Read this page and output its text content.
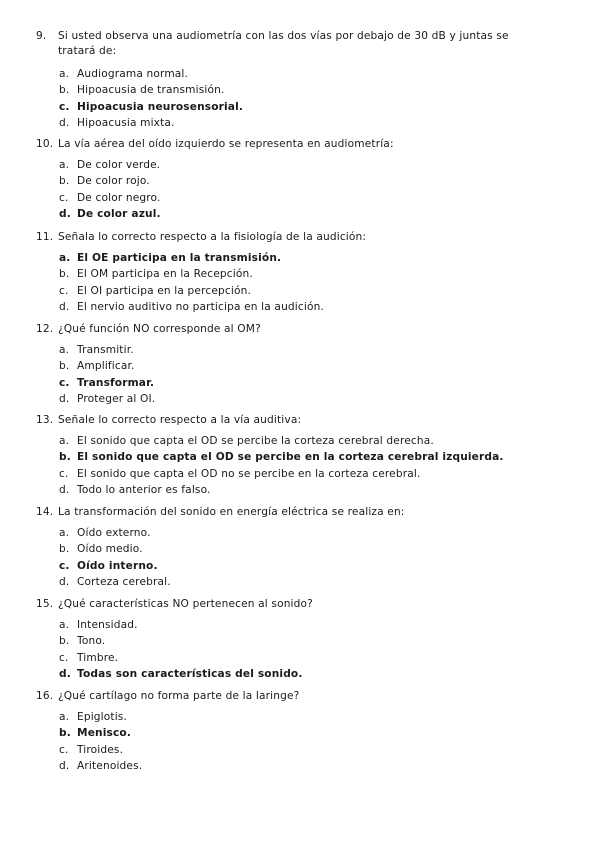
9.	Si usted observa una audiometría con las dos vías por debajo de 30 dB y juntas se tratará de:
a. Audiograma normal.
b. Hipoacusia de transmisión.
c. Hipoacusia neurosensorial.
d. Hipoacusia mixta.
10. La vía aérea del oído izquierdo se representa en audiometría:
a. De color verde.
b. De color rojo.
c. De color negro.
d. De color azul.
11. Señala lo correcto respecto a la fisiología de la audición:
a. El OE participa en la transmisión.
b. El OM participa en la Recepción.
c. El OI participa en la percepción.
d. El nervio auditivo no participa en la audición.
12. ¿Qué función NO corresponde al OM?
a. Transmitir.
b. Amplificar.
c. Transformar.
d. Proteger al OI.
13. Señale lo correcto respecto a la vía auditiva:
a. El sonido que capta el OD se percibe la corteza cerebral derecha.
b. El sonido que capta el OD se percibe en la corteza cerebral izquierda.
c. El sonido que capta el OD no se percibe en la corteza cerebral.
d. Todo lo anterior es falso.
14. La transformación del sonido en energía eléctrica se realiza en:
a. Oído externo.
b. Oído medio.
c. Oído interno.
d. Corteza cerebral.
15. ¿Qué características NO pertenecen al sonido?
a. Intensidad.
b. Tono.
c. Timbre.
d. Todas son características del sonido.
16. ¿Qué cartílago no forma parte de la laringe?
a. Epiglotis.
b. Menisco.
c. Tiroides.
d. Aritenoides.
